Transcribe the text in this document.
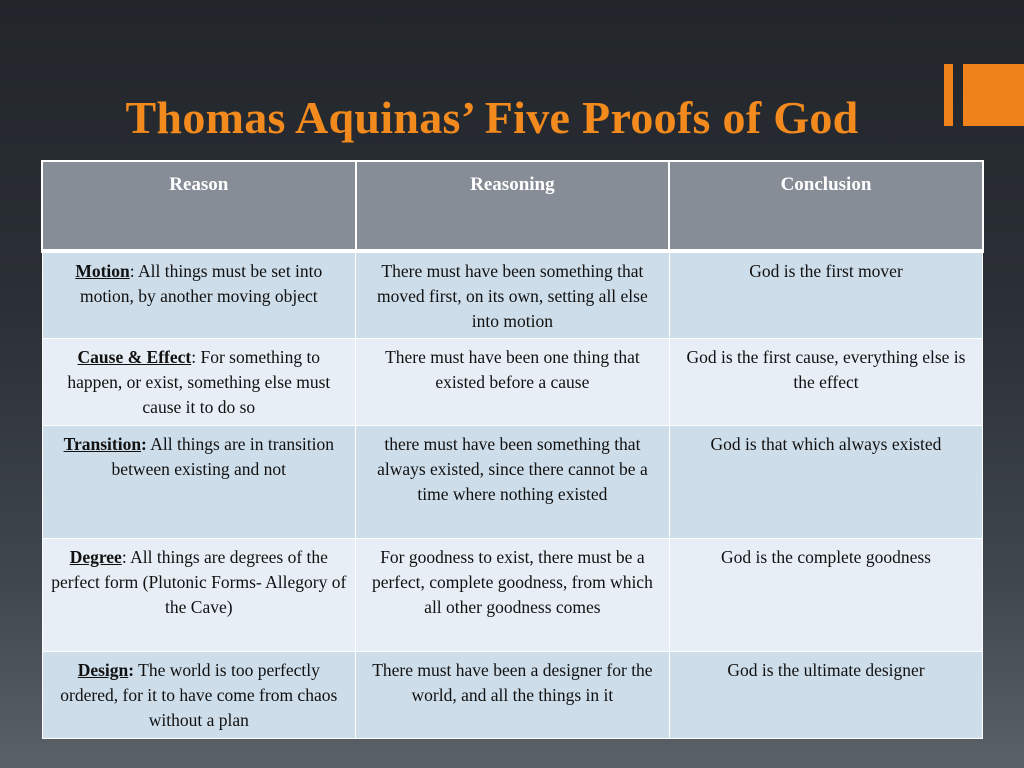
Thomas Aquinas’ Five Proofs of God
Reason	Reasoning	Conclusion
Motion: All things must be set into motion, by another moving object	There must have been something that moved first, on its own, setting all else into motion	God is the first mover
Cause & Effect: For something to happen, or exist, something else must cause it to do so	There must have been one thing that existed before a cause	God is the first cause, everything else is the effect
Transition: All things are in transition between existing and not	there must have been something that always existed, since there cannot be a time where nothing existed	God is that which always existed
Degree: All things are degrees of the perfect form (Plutonic Forms- Allegory of the Cave)	For goodness to exist, there must be a perfect, complete goodness, from which all other goodness comes	God is the complete goodness
Design: The world is too perfectly ordered, for it to have come from chaos without a plan	There must have been a designer for the world, and all the things in it	God is the ultimate designer
